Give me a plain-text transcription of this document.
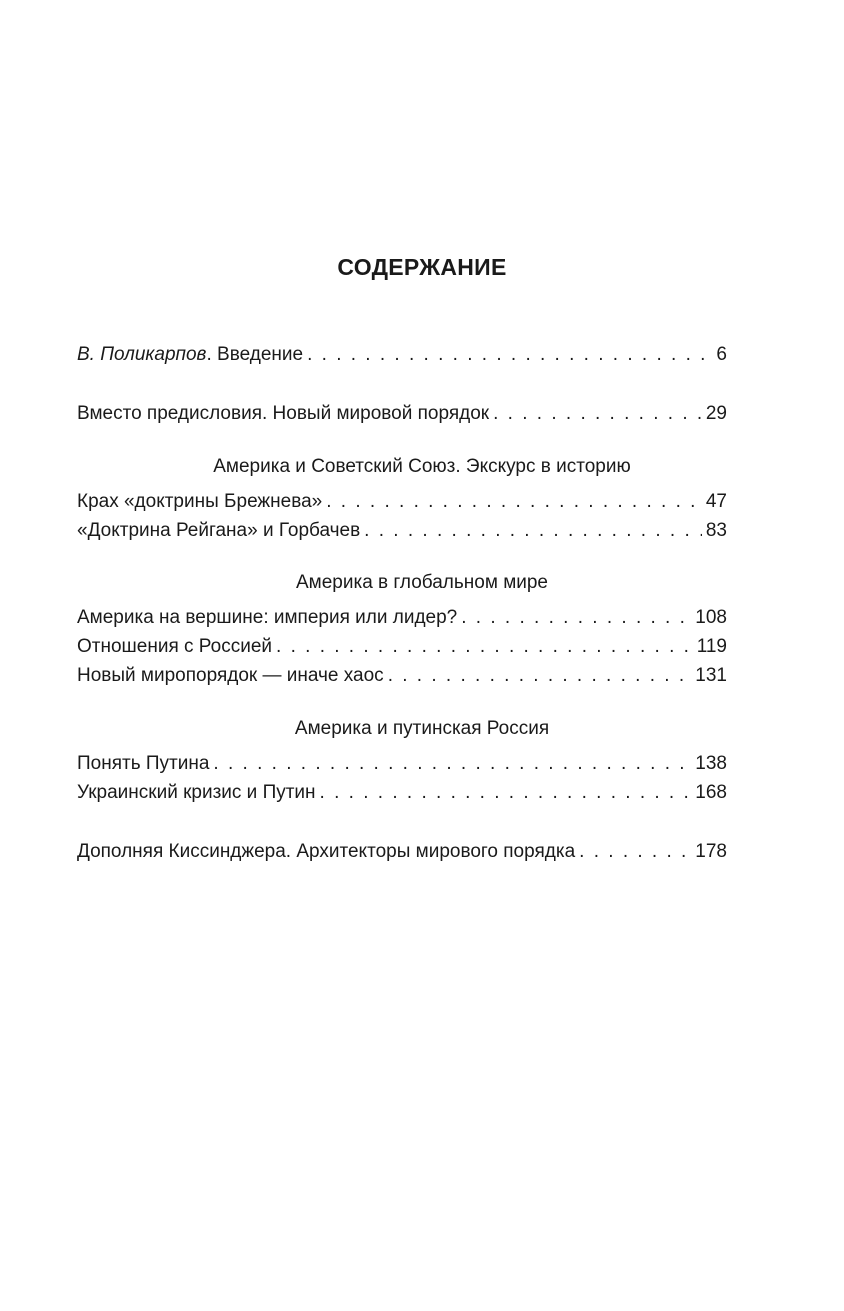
СОДЕРЖАНИЕ
В. Поликарпов. Введение . . .	6
Вместо предисловия. Новый мировой порядок . . .	29
Америка и Советский Союз. Экскурс в историю
Крах «доктрины Брежнева» . . .	47
«Доктрина Рейгана» и Горбачев . . .	83
Америка в глобальном мире
Америка на вершине: империя или лидер? . . .	108
Отношения с Россией . . .	119
Новый миропорядок — иначе хаос . . .	131
Америка и путинская Россия
Понять Путина . . .	138
Украинский кризис и Путин . . .	168
Дополняя Киссинджера. Архитекторы мирового порядка . . .	178
